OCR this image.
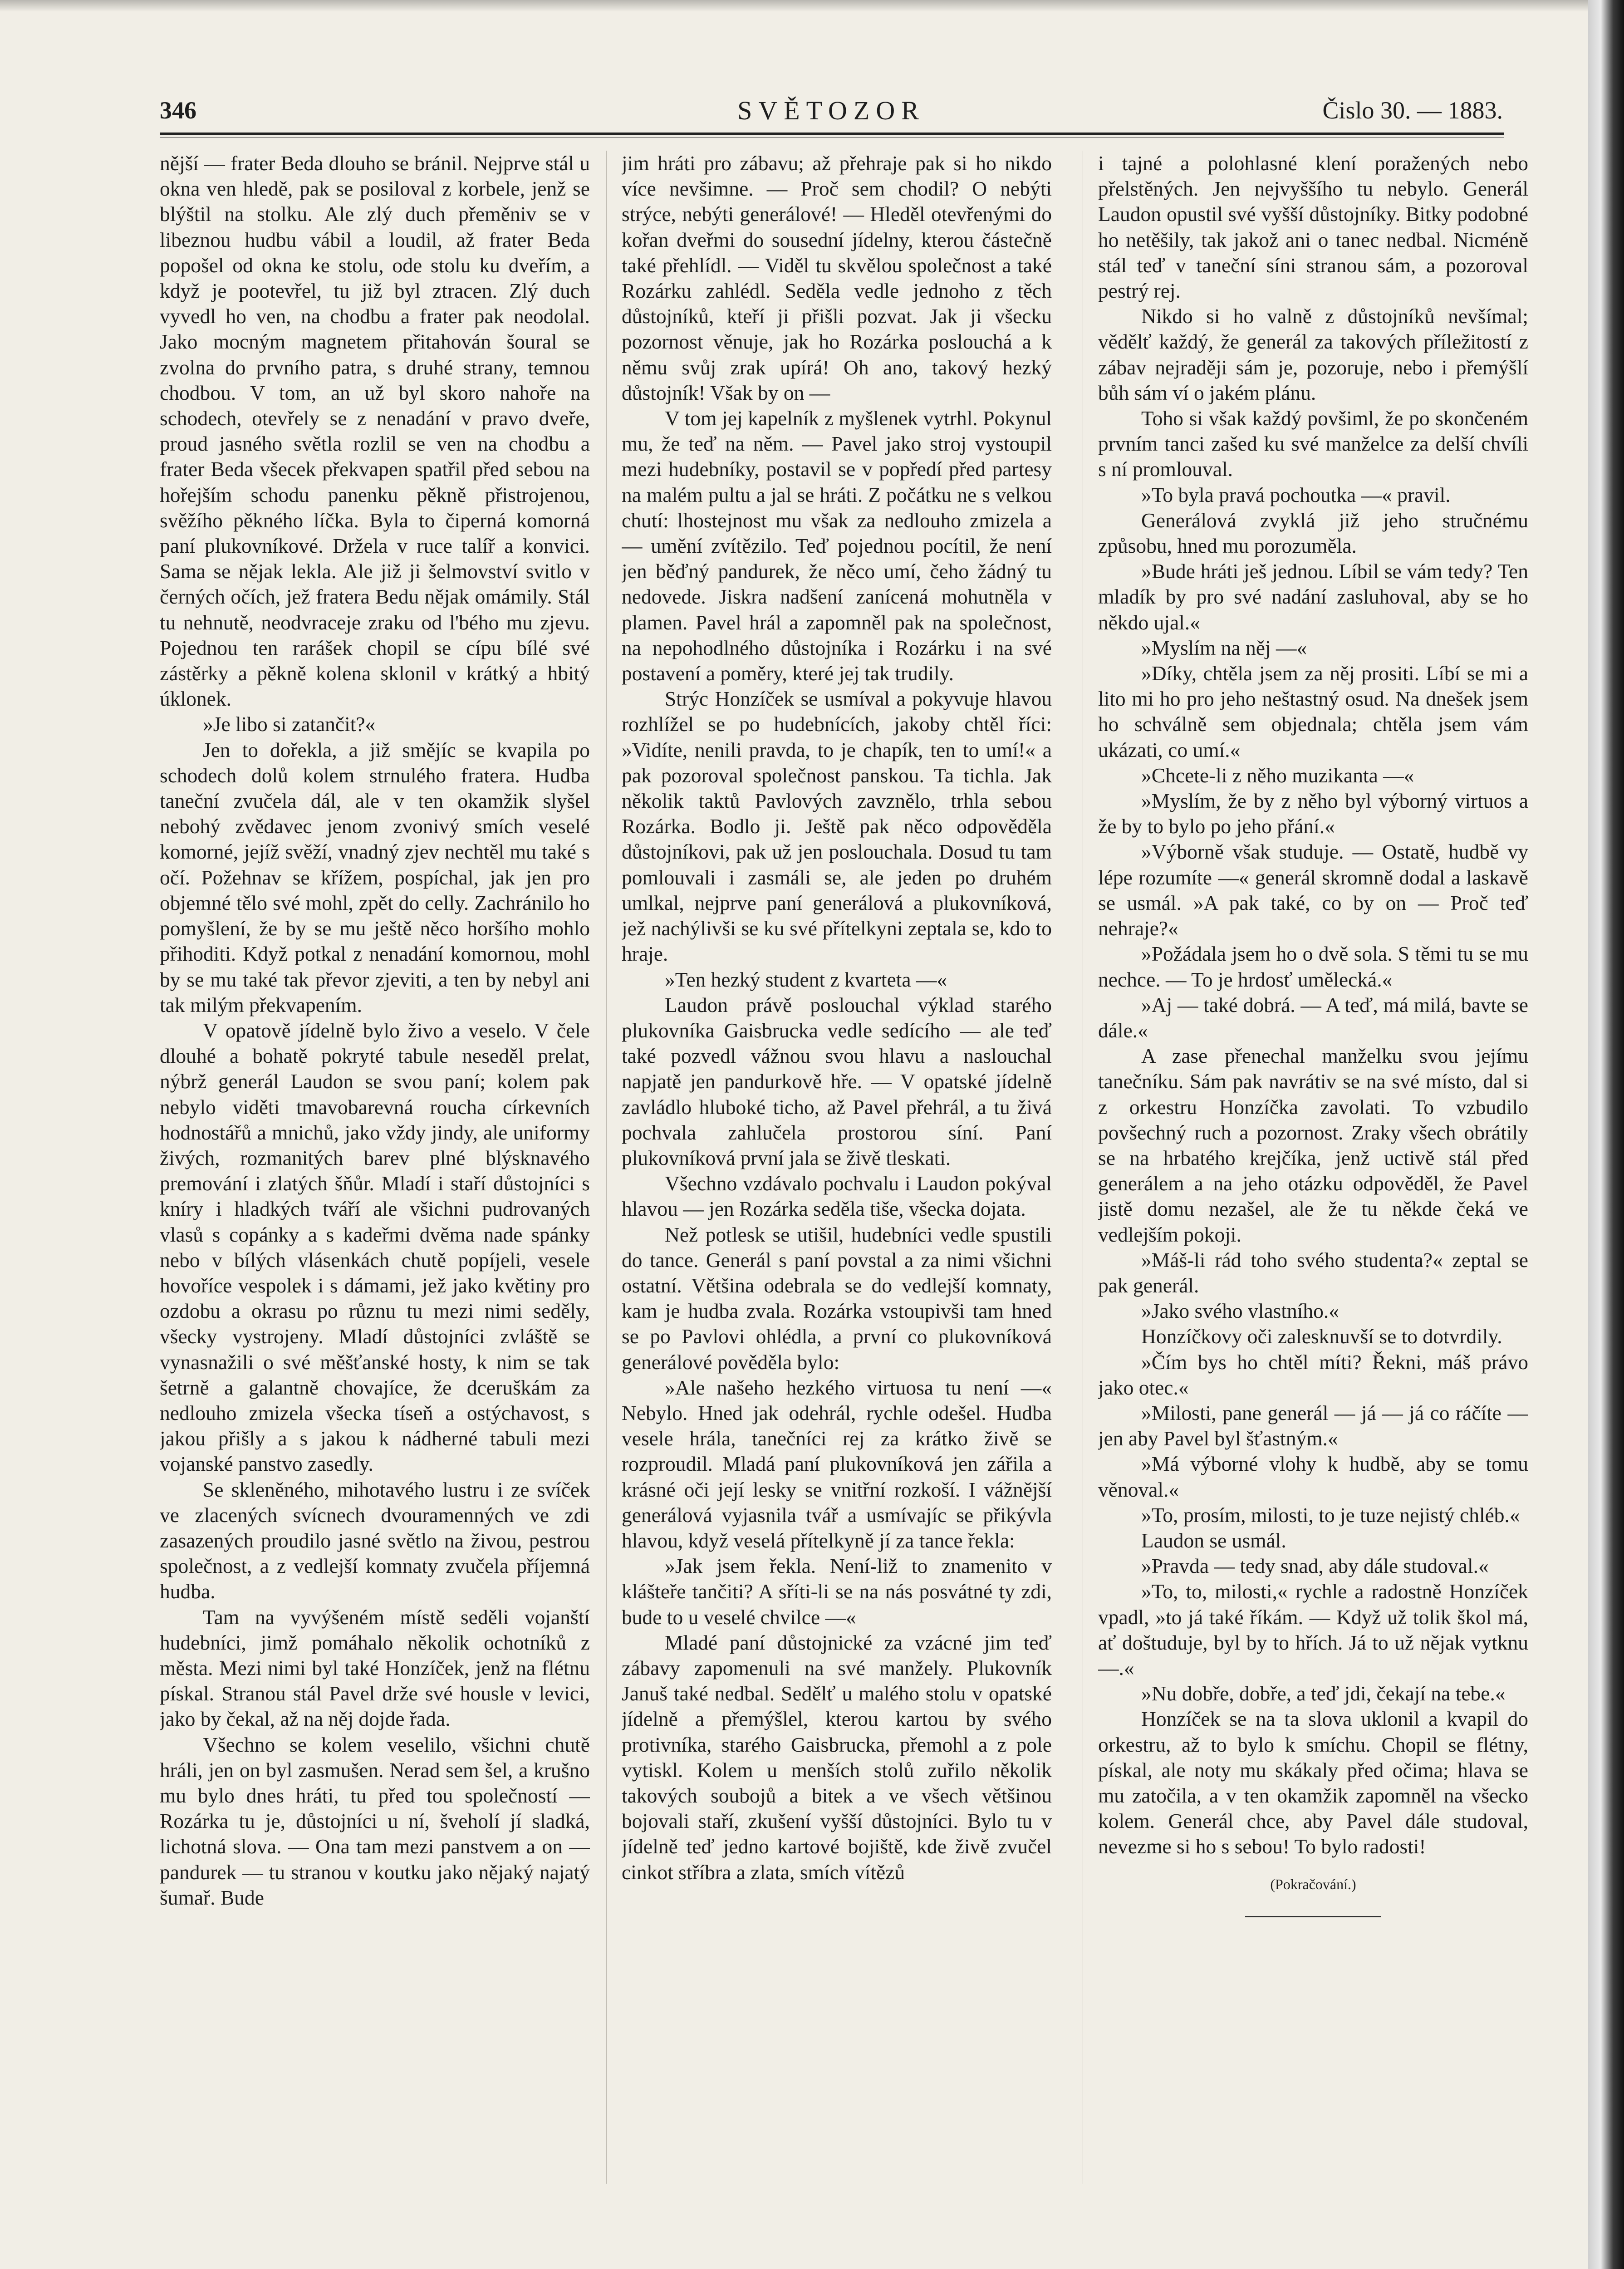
346	SVĚTOZOR	Čislo 30. — 1883.

nější — frater Beda dlouho se bránil. Nejprve stál u okna ven hledě, pak se posiloval z korbele, jenž se blýštil na stolku. Ale zlý duch přeměniv se v libeznou hudbu vábil a loudil, až frater Beda popošel od okna ke stolu, ode stolu ku dveřím, a když je pootevřel, tu již byl ztracen. Zlý duch vyvedl ho ven, na chodbu a frater pak neodolal. Jako mocným magnetem přitahován šoural se zvolna do prvního patra, s druhé strany, temnou chodbou. V tom, an už byl skoro nahoře na schodech, otevřely se z nenadání v pravo dveře, proud jasného světla rozlil se ven na chodbu a frater Beda všecek překvapen spatřil před sebou na hořejším schodu panenku pěkně přistrojenou, svěžího pěkného líčka. Byla to čiperná komorná paní plukovníkové. Držela v ruce talíř a konvici. Sama se nějak lekla. Ale již ji šelmovství svitlo v černých očích, jež fratera Bedu nějak omámily. Stál tu nehnutě, neodvraceje zraku od l'bého mu zjevu. Pojednou ten rarášek chopil se cípu bílé své zástěrky a pěkně kolena sklonil v krátký a hbitý úklonek.

»Je libo si zatančit?«

Jen to dořekla, a již smějíc se kvapila po schodech dolů kolem strnulého fratera. Hudba taneční zvučela dál, ale v ten okamžik slyšel nebohý zvědavec jenom zvonivý smích veselé komorné, jejíž svěží, vnadný zjev nechtěl mu také s očí. Požehnav se křížem, pospíchal, jak jen pro objemné tělo své mohl, zpět do celly. Zachránilo ho pomyšlení, že by se mu ještě něco horšího mohlo přihoditi. Když potkal z nenadání komornou, mohl by se mu také tak převor zjeviti, a ten by nebyl ani tak milým překvapením.

V opatově jídelně bylo živo a veselo. V čele dlouhé a bohatě pokryté tabule neseděl prelat, nýbrž generál Laudon se svou paní; kolem pak nebylo viděti tmavobarevná roucha církevních hodnostářů a mnichů, jako vždy jindy, ale uniformy živých, rozmanitých barev plné blýsknavého premování i zlatých šňůr. Mladí i staří důstojníci s kníry i hladkých tváří ale všichni pudrovaných vlasů s copánky a s kadeřmi dvěma nade spánky nebo v bílých vlásenkách chutě popíjeli, vesele hovoříce vespolek i s dámami, jež jako květiny pro ozdobu a okrasu po různu tu mezi nimi seděly, všecky vystrojeny. Mladí důstojníci zvláště se vynasnažili o své měšťanské hosty, k nim se tak šetrně a galantně chovajíce, že dceruškám za nedlouho zmizela všecka tíseň a ostýchavost, s jakou přišly a s jakou k nádherné tabuli mezi vojanské panstvo zasedly.

Se skleněného, mihotavého lustru i ze svíček ve zlacených svícnech dvouramenných ve zdi zasazených proudilo jasné světlo na živou, pestrou společnost, a z vedlejší komnaty zvučela příjemná hudba.

Tam na vyvýšeném místě seděli vojanští hudebníci, jimž pomáhalo několik ochotníků z města. Mezi nimi byl také Honzíček, jenž na flétnu pískal. Stranou stál Pavel drže své housle v levici, jako by čekal, až na něj dojde řada.

Všechno se kolem veselilo, všichni chutě hráli, jen on byl zasmušen. Nerad sem šel, a krušno mu bylo dnes hráti, tu před tou společností — Rozárka tu je, důstojníci u ní, šveholí jí sladká, lichotná slova. — Ona tam mezi panstvem a on — pandurek — tu stranou v koutku jako nějaký najatý šumař. Bude

jim hráti pro zábavu; až přehraje pak si ho nikdo více nevšimne. — Proč sem chodil? O nebýti strýce, nebýti generálové! — Hleděl otevřenými do kořan dveřmi do sousední jídelny, kterou částečně také přehlídl. — Viděl tu skvělou společnost a také Rozárku zahlédl. Seděla vedle jednoho z těch důstojníků, kteří ji přišli pozvat. Jak ji všecku pozornost věnuje, jak ho Rozárka poslouchá a k němu svůj zrak upírá! Oh ano, takový hezký důstojník! Však by on —

V tom jej kapelník z myšlenek vytrhl. Pokynul mu, že teď na něm. — Pavel jako stroj vystoupil mezi hudebníky, postavil se v popředí před partesy na malém pultu a jal se hráti. Z počátku ne s velkou chutí: lhostejnost mu však za nedlouho zmizela a — umění zvítězilo. Teď pojednou pocítil, že není jen běďný pandurek, že něco umí, čeho žádný tu nedovede. Jiskra nadšení zanícená mohutněla v plamen. Pavel hrál a zapomněl pak na společnost, na nepohodlného důstojníka i Rozárku i na své postavení a poměry, které jej tak trudily.

Strýc Honzíček se usmíval a pokyvuje hlavou rozhlížel se po hudebnících, jakoby chtěl říci: »Vidíte, nenili pravda, to je chapík, ten to umí!« a pak pozoroval společnost panskou. Ta tichla. Jak několik taktů Pavlových zavznělo, trhla sebou Rozárka. Bodlo ji. Ještě pak něco odpověděla důstojníkovi, pak už jen poslouchala. Dosud tu tam pomlouvali i zasmáli se, ale jeden po druhém umlkal, nejprve paní generálová a plukovníková, jež nachýlivši se ku své přítelkyni zeptala se, kdo to hraje.

»Ten hezký student z kvarteta —«

Laudon právě poslouchal výklad starého plukovníka Gaisbrucka vedle sedícího — ale teď také pozvedl vážnou svou hlavu a naslouchal napjatě jen pandurkově hře. — V opatské jídelně zavládlo hluboké ticho, až Pavel přehrál, a tu živá pochvala zahlučela prostorou síní. Paní plukovníková první jala se živě tleskati.

Všechno vzdávalo pochvalu i Laudon pokýval hlavou — jen Rozárka seděla tiše, všecka dojata.

Než potlesk se utišil, hudebníci vedle spustili do tance. Generál s paní povstal a za nimi všichni ostatní. Většina odebrala se do vedlejší komnaty, kam je hudba zvala. Rozárka vstoupivši tam hned se po Pavlovi ohlédla, a první co plukovníková generálové pověděla bylo:

»Ale našeho hezkého virtuosa tu není —« Nebylo. Hned jak odehrál, rychle odešel. Hudba vesele hrála, tanečníci rej za krátko živě se rozproudil. Mladá paní plukovníková jen zářila a krásné oči její lesky se vnitřní rozkoší. I vážnější generálová vyjasnila tvář a usmívajíc se přikývla hlavou, když veselá přítelkyně jí za tance řekla:

»Jak jsem řekla. Není-liž to znamenito v klášteře tančiti? A sříti-li se na nás posvátné ty zdi, bude to u veselé chvilce —«

Mladé paní důstojnické za vzácné jim teď zábavy zapomenuli na své manžely. Plukovník Januš také nedbal. Sedělť u malého stolu v opatské jídelně a přemýšlel, kterou kartou by svého protivníka, starého Gaisbrucka, přemohl a z pole vytiskl. Kolem u menších stolů zuřilo několik takových soubojů a bitek a ve všech většinou bojovali staří, zkušení vyšší důstojníci. Bylo tu v jídelně teď jedno kartové bojiště, kde živě zvučel cinkot stříbra a zlata, smích vítězů

i tajné a polohlasné klení poražených nebo přelstěných. Jen nejvyššího tu nebylo. Generál Laudon opustil své vyšší důstojníky. Bitky podobné ho netěšily, tak jakož ani o tanec nedbal. Nicméně stál teď v taneční síni stranou sám, a pozoroval pestrý rej.

Nikdo si ho valně z důstojníků nevšímal; vědělť každý, že generál za takových příležitostí z zábav nejraději sám je, pozoruje, nebo i přemýšlí bůh sám ví o jakém plánu.

Toho si však každý povšiml, že po skončeném prvním tanci zašed ku své manželce za delší chvíli s ní promlouval.

»To byla pravá pochoutka —« pravil.

Generálová zvyklá již jeho stručnému způsobu, hned mu porozuměla.

»Bude hráti ješ jednou. Líbil se vám tedy? Ten mladík by pro své nadání zasluhoval, aby se ho někdo ujal.«

»Myslím na něj —«

»Díky, chtěla jsem za něj prositi. Líbí se mi a lito mi ho pro jeho neštastný osud. Na dnešek jsem ho schválně sem objednala; chtěla jsem vám ukázati, co umí.«

»Chcete-li z něho muzikanta —«

»Myslím, že by z něho byl výborný virtuos a že by to bylo po jeho přání.«

»Výborně však studuje. — Ostatě, hudbě vy lépe rozumíte —« generál skromně dodal a laskavě se usmál. »A pak také, co by on — Proč teď nehraje?«

»Požádala jsem ho o dvě sola. S těmi tu se mu nechce. — To je hrdosť umělecká.«

»Aj — také dobrá. — A teď, má milá, bavte se dále.«

A zase přenechal manželku svou jejímu tanečníku. Sám pak navrátiv se na své místo, dal si z orkestru Honzíčka zavolati. To vzbudilo povšechný ruch a pozornost. Zraky všech obrátily se na hrbatého krejčíka, jenž uctivě stál před generálem a na jeho otázku odpověděl, že Pavel jistě domu nezašel, ale že tu někde čeká ve vedlejším pokoji.

»Máš-li rád toho svého studenta?« zeptal se pak generál.

»Jako svého vlastního.«

Honzíčkovy oči zalesknuvší se to dotvrdily.

»Čím bys ho chtěl míti? Řekni, máš právo jako otec.«

»Milosti, pane generál — já — já co ráčíte — jen aby Pavel byl šťastným.«

»Má výborné vlohy k hudbě, aby se tomu věnoval.«

»To, prosím, milosti, to je tuze nejistý chléb.«

Laudon se usmál.

»Pravda — tedy snad, aby dále studoval.«

»To, to, milosti,« rychle a radostně Honzíček vpadl, »to já také říkám. — Když už tolik škol má, ať doštuduje, byl by to hřích. Já to už nějak vytknu —.«

»Nu dobře, dobře, a teď jdi, čekají na tebe.«

Honzíček se na ta slova uklonil a kvapil do orkestru, až to bylo k smíchu. Chopil se flétny, pískal, ale noty mu skákaly před očima; hlava se mu zatočila, a v ten okamžik zapomněl na všecko kolem. Generál chce, aby Pavel dále studoval, nevezme si ho s sebou! To bylo radosti!

(Pokračování.)
